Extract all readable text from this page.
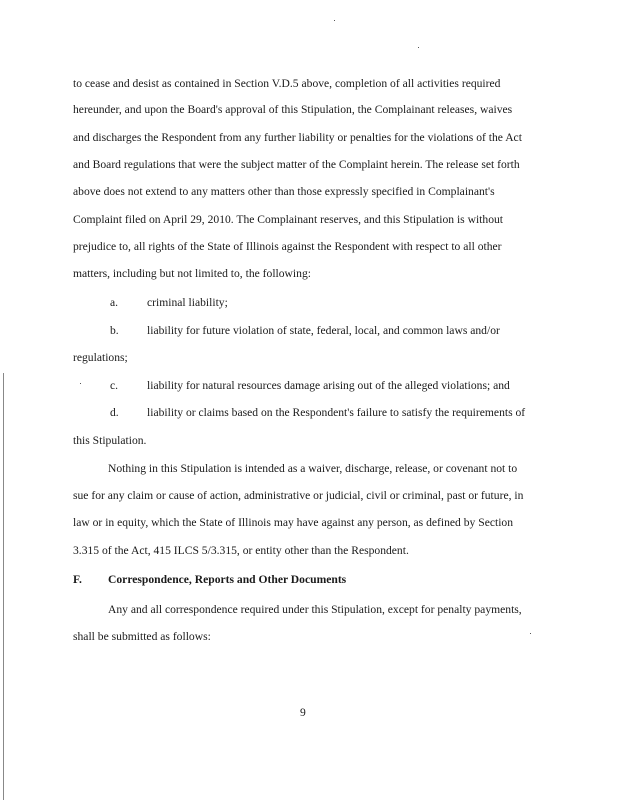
to cease and desist as contained in Section V.D.5 above, completion of all activities required
hereunder, and upon the Board's approval of this Stipulation, the Complainant releases, waives
and discharges the Respondent from any further liability or penalties for the violations of the Act
and Board regulations that were the subject matter of the Complaint herein. The release set forth
above does not extend to any matters other than those expressly specified in Complainant's
Complaint filed on April 29, 2010. The Complainant reserves, and this Stipulation is without
prejudice to, all rights of the State of Illinois against the Respondent with respect to all other
matters, including but not limited to, the following:
a. criminal liability;
b. liability for future violation of state, federal, local, and common laws and/or
regulations;
c. liability for natural resources damage arising out of the alleged violations; and
d. liability or claims based on the Respondent's failure to satisfy the requirements of
this Stipulation.
Nothing in this Stipulation is intended as a waiver, discharge, release, or covenant not to
sue for any claim or cause of action, administrative or judicial, civil or criminal, past or future, in
law or in equity, which the State of Illinois may have against any person, as defined by Section
3.315 of the Act, 415 ILCS 5/3.315, or entity other than the Respondent.
F. Correspondence, Reports and Other Documents
Any and all correspondence required under this Stipulation, except for penalty payments,
shall be submitted as follows:
9
